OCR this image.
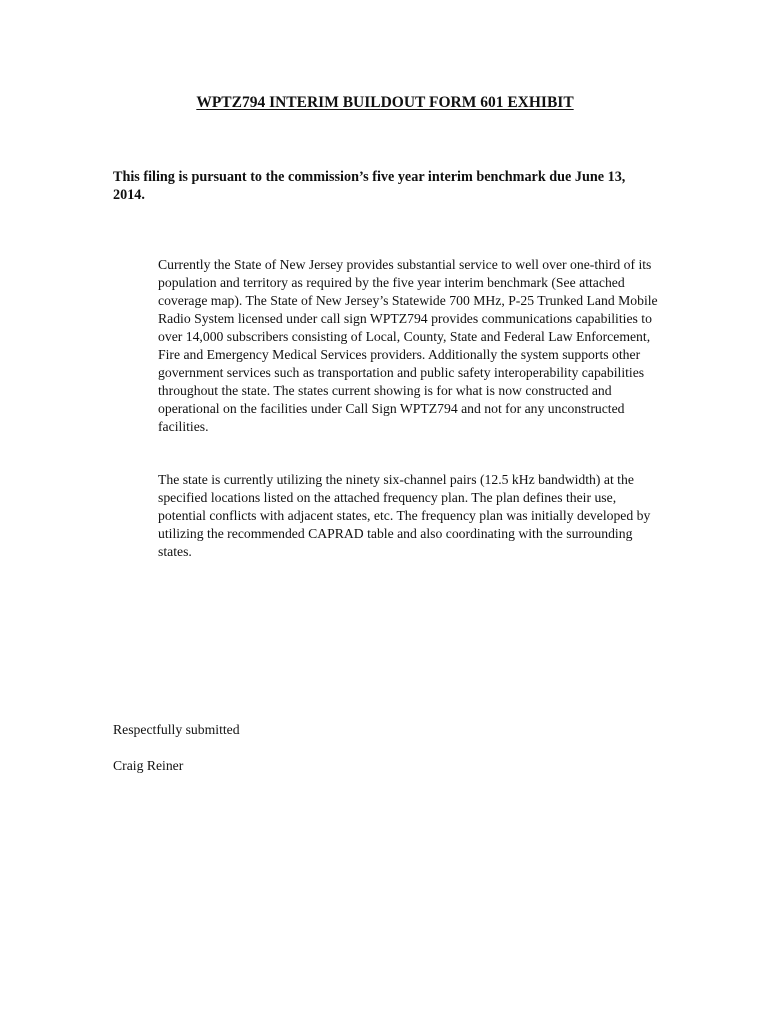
WPTZ794 INTERIM BUILDOUT FORM 601 EXHIBIT
This filing is pursuant to the commission’s five year interim benchmark due June 13, 2014.
Currently the State of New Jersey provides substantial service to well over one-third of its population and territory as required by the five year interim benchmark (See attached coverage map). The State of New Jersey’s Statewide 700 MHz, P-25 Trunked Land Mobile Radio System licensed under call sign WPTZ794 provides communications capabilities to over 14,000 subscribers consisting of Local, County, State and Federal Law Enforcement, Fire and Emergency Medical Services providers. Additionally the system supports other government services such as transportation and public safety interoperability capabilities throughout the state. The states current showing is for what is now constructed and operational on the facilities under Call Sign WPTZ794 and not for any unconstructed facilities.
The state is currently utilizing the ninety six-channel pairs (12.5 kHz bandwidth) at the specified locations listed on the attached frequency plan. The plan defines their use, potential conflicts with adjacent states, etc. The frequency plan was initially developed by utilizing the recommended CAPRAD table and also coordinating with the surrounding states.
Respectfully submitted
Craig Reiner
